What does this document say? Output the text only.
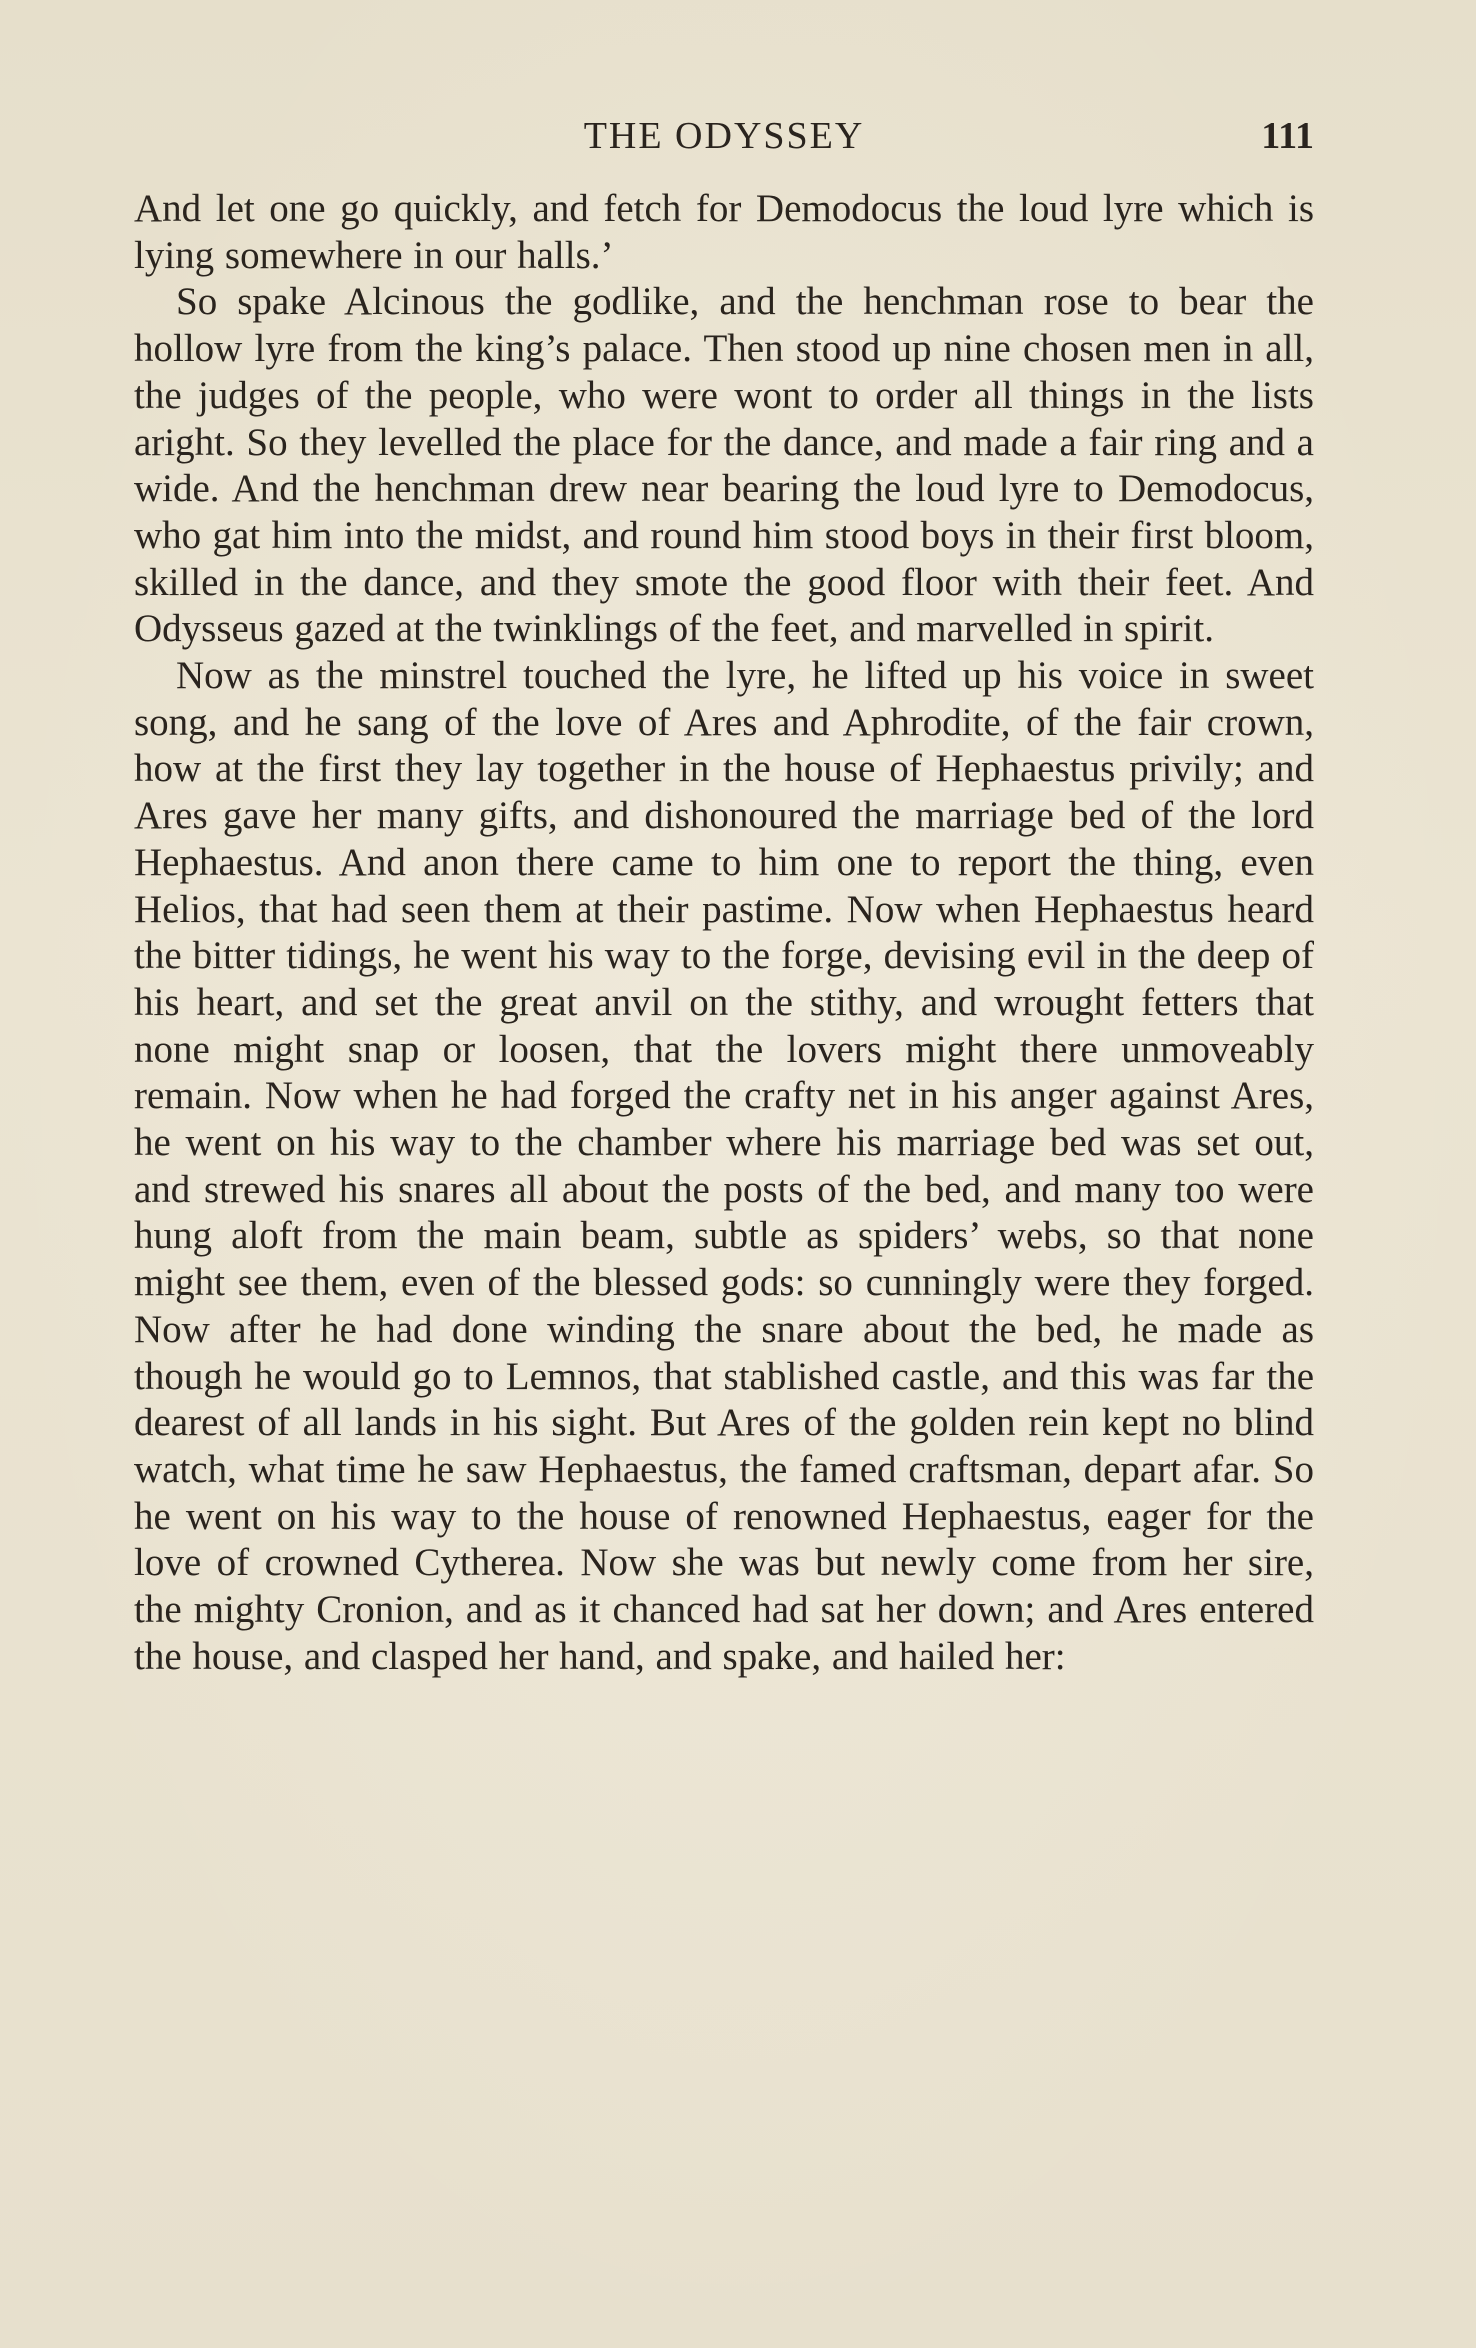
THE ODYSSEY	111

And let one go quickly, and fetch for Demodocus the loud lyre which is lying somewhere in our halls.’

So spake Alcinous the godlike, and the henchman rose to bear the hollow lyre from the king’s palace. Then stood up nine chosen men in all, the judges of the people, who were wont to order all things in the lists aright. So they levelled the place for the dance, and made a fair ring and a wide. And the henchman drew near bearing the loud lyre to Demodocus, who gat him into the midst, and round him stood boys in their first bloom, skilled in the dance, and they smote the good floor with their feet. And Odysseus gazed at the twinklings of the feet, and marvelled in spirit.

Now as the minstrel touched the lyre, he lifted up his voice in sweet song, and he sang of the love of Ares and Aphrodite, of the fair crown, how at the first they lay together in the house of Hephaestus privily; and Ares gave her many gifts, and dishonoured the marriage bed of the lord Hephaestus. And anon there came to him one to report the thing, even Helios, that had seen them at their pastime. Now when Hephaestus heard the bitter tidings, he went his way to the forge, devising evil in the deep of his heart, and set the great anvil on the stithy, and wrought fetters that none might snap or loosen, that the lovers might there unmoveably remain. Now when he had forged the crafty net in his anger against Ares, he went on his way to the chamber where his marriage bed was set out, and strewed his snares all about the posts of the bed, and many too were hung aloft from the main beam, subtle as spiders’ webs, so that none might see them, even of the blessed gods: so cunningly were they forged. Now after he had done winding the snare about the bed, he made as though he would go to Lemnos, that stablished castle, and this was far the dearest of all lands in his sight. But Ares of the golden rein kept no blind watch, what time he saw Hephaestus, the famed craftsman, depart afar. So he went on his way to the house of renowned Hephaestus, eager for the love of crowned Cytherea. Now she was but newly come from her sire, the mighty Cronion, and as it chanced had sat her down; and Ares entered the house, and clasped her hand, and spake, and hailed her:
